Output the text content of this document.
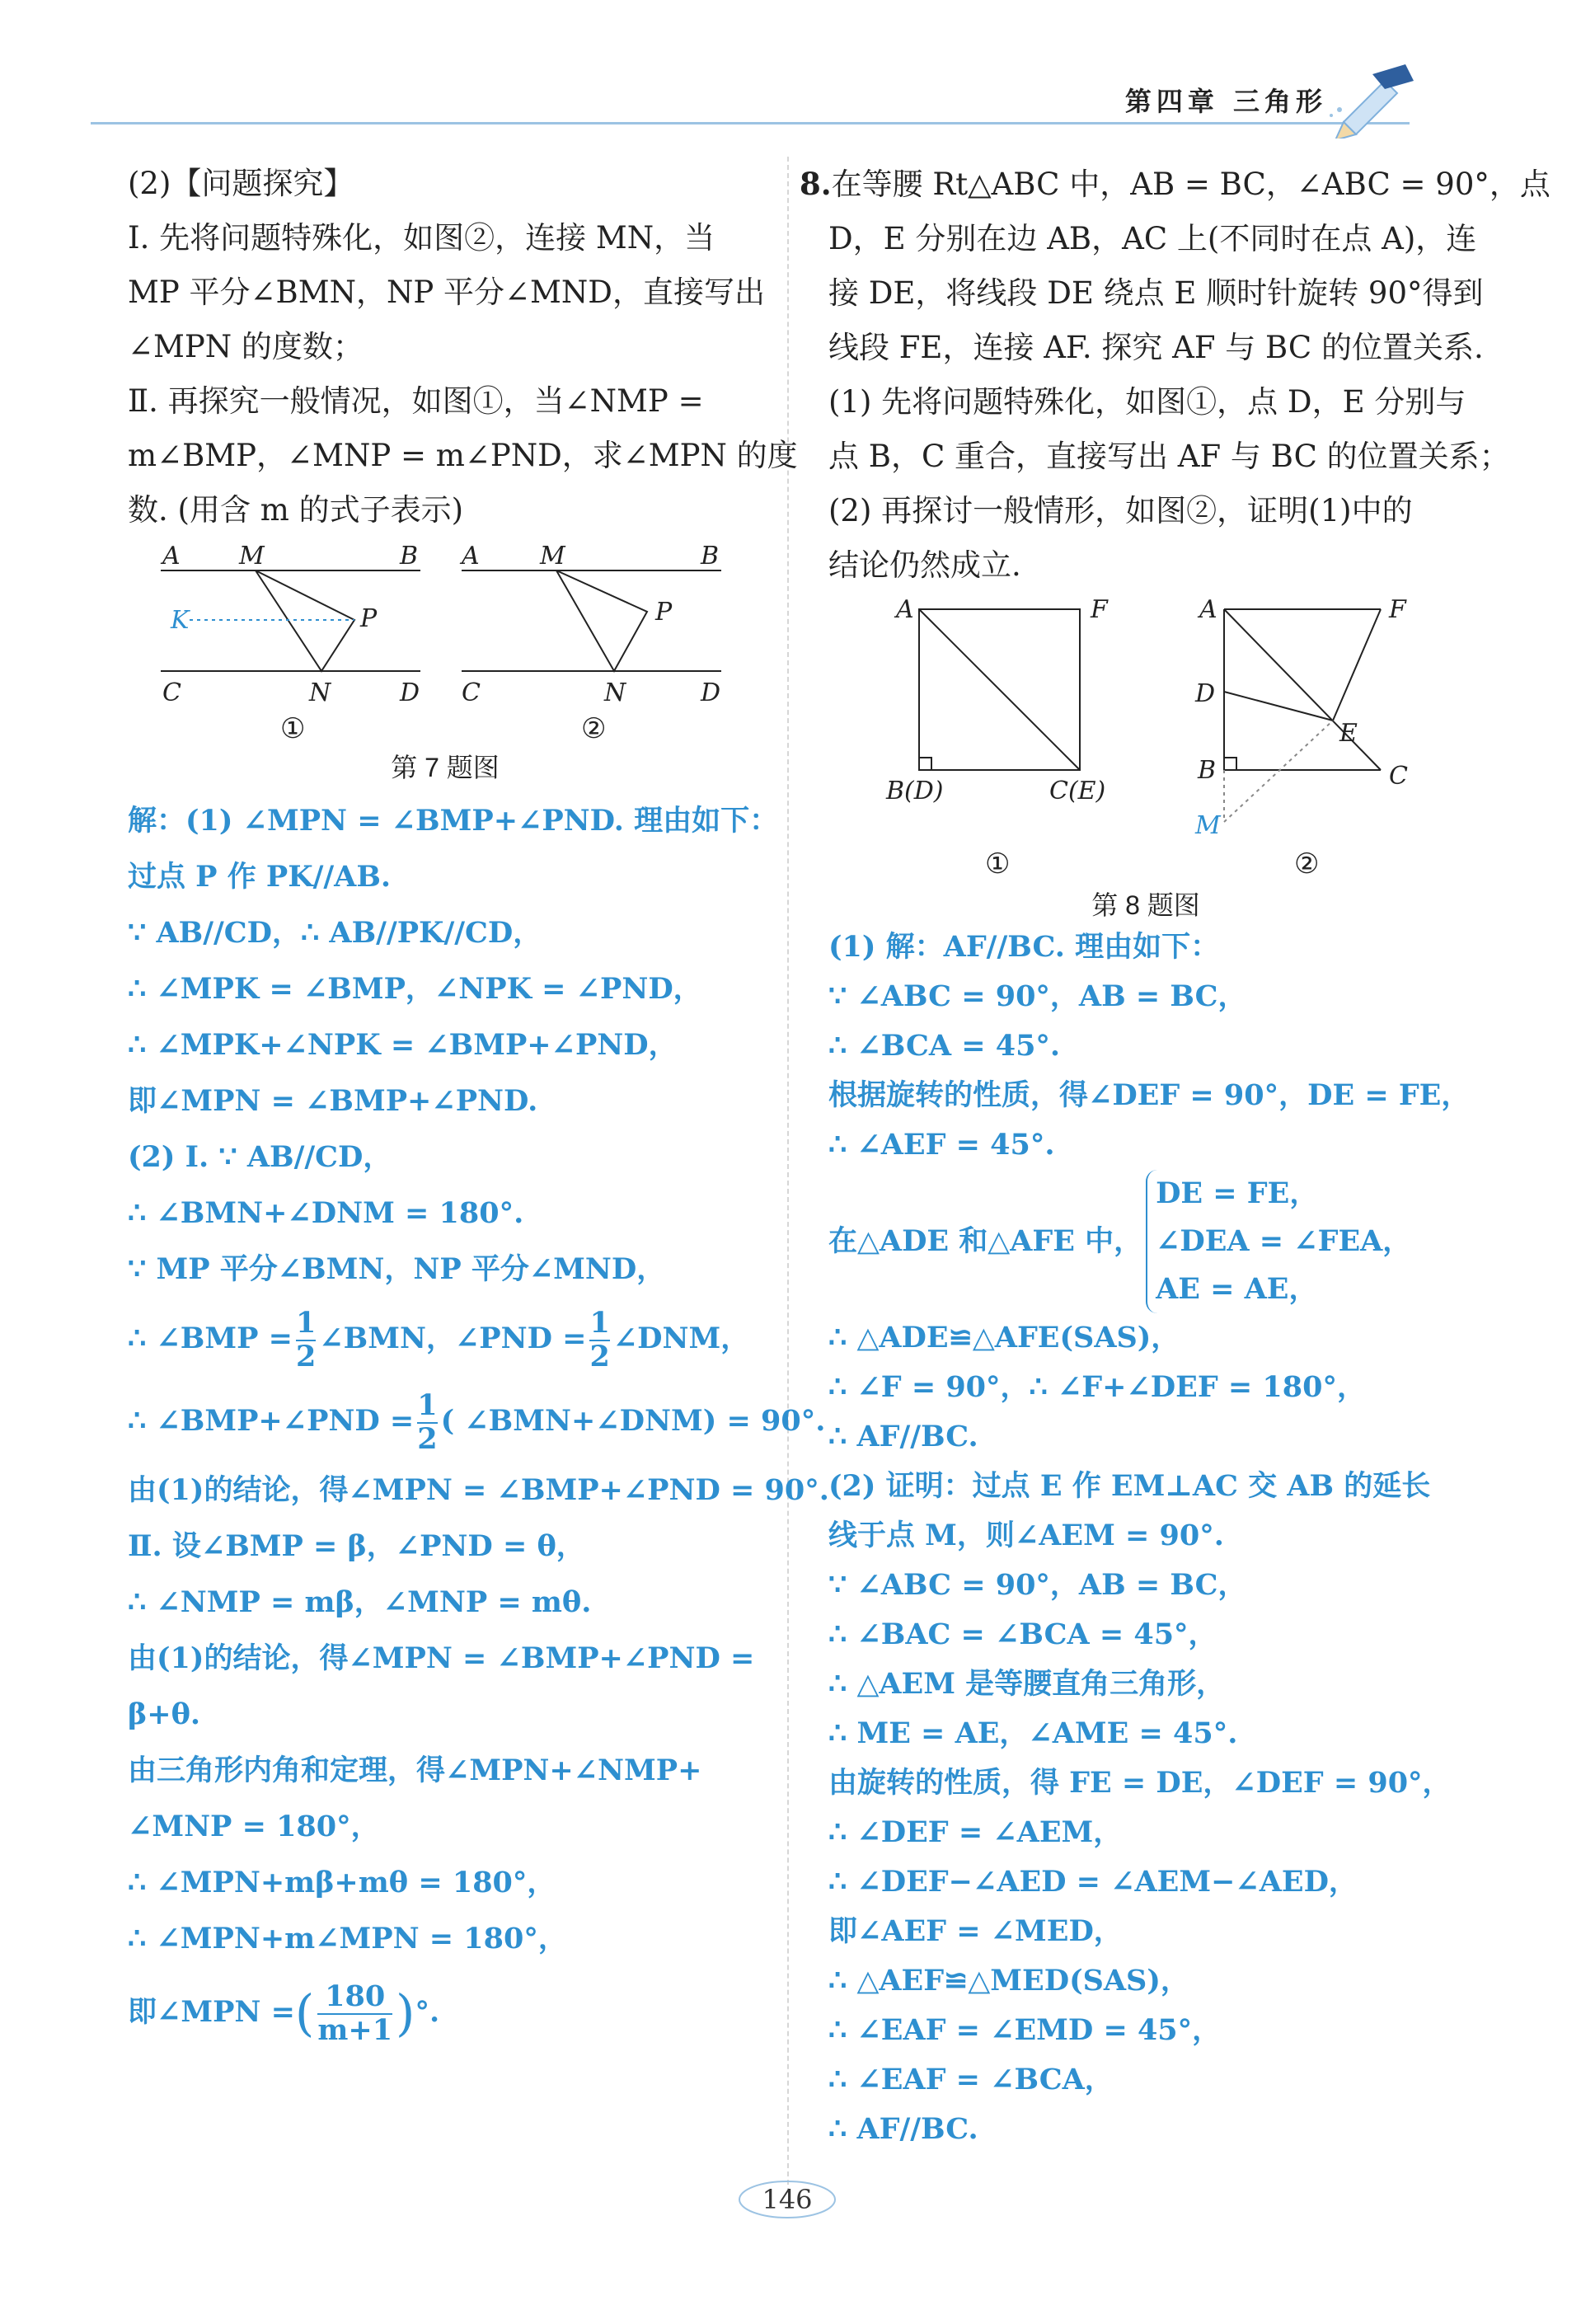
第四章 三角形

(2)【问题探究】

Ⅰ. 先将问题特殊化，如图②，连接 MN，当

MP 平分∠BMN，NP 平分∠MND，直接写出

∠MPN 的度数；

Ⅱ. 再探究一般情况，如图①，当∠NMP =

m∠BMP，∠MNP = m∠PND，求∠MPN 的度

数. (用含 m 的式子表示)

A M	B
K	P
C	N	D
A M	B
P
C	N	D
①	②
第 7 题图

解：(1) ∠MPN = ∠BMP+∠PND. 理由如下：

过点 P 作 PK//AB.

∵ AB//CD，∴ AB//PK//CD，

∴ ∠MPK = ∠BMP，∠NPK = ∠PND，

∴ ∠MPK+∠NPK = ∠BMP+∠PND，

即∠MPN = ∠BMP+∠PND.

(2) Ⅰ. ∵ AB//CD，

∴ ∠BMN+∠DNM = 180°.

∵ MP 平分∠BMN，NP 平分∠MND，

∴ ∠BMP = $\frac{1}{2}$ ∠BMN，∠PND = $\frac{1}{2}$ ∠DNM，

∴ ∠BMP+∠PND = $\frac{1}{2}$ ( ∠BMN+∠DNM) = 90°.

由(1)的结论，得∠MPN = ∠BMP+∠PND = 90°.

Ⅱ. 设∠BMP = β，∠PND = θ，

∴ ∠NMP = mβ，∠MNP = mθ.

由(1)的结论，得∠MPN = ∠BMP+∠PND =

β+θ.

由三角形内角和定理，得∠MPN+∠NMP+

∠MNP = 180°，

∴ ∠MPN+mβ+mθ = 180°，

∴ ∠MPN+m∠MPN = 180°，

即∠MPN =( $\frac{180}{m+1}$ )°.

8.在等腰 Rt△ABC 中，AB = BC，∠ABC = 90°，点

D，E 分别在边 AB，AC 上(不同时在点 A)，连

接 DE，将线段 DE 绕点 E 顺时针旋转 90°得到

线段 FE，连接 AF. 探究 AF 与 BC 的位置关系.

(1) 先将问题特殊化，如图①，点 D，E 分别与

点 B，C 重合，直接写出 AF 与 BC 的位置关系；

(2) 再探讨一般情形，如图②，证明(1)中的

结论仍然成立.

A	F
B(D)	C(E)
A	F
D
E
B	C
M
①	②
第 8 题图

(1) 解：AF//BC. 理由如下：

∵ ∠ABC = 90°，AB = BC，

∴ ∠BCA = 45°.

根据旋转的性质，得∠DEF = 90°，DE = FE，

∴ ∠AEF = 45°.

在△ADE 和△AFE 中，
DE = FE，
∠DEA = ∠FEA，
AE = AE，

∴ △ADE≌△AFE(SAS)，

∴ ∠F = 90°，∴ ∠F+∠DEF = 180°，

∴ AF//BC.

(2) 证明：过点 E 作 EM⊥AC 交 AB 的延长

线于点 M，则∠AEM = 90°.

∵ ∠ABC = 90°，AB = BC，

∴ ∠BAC = ∠BCA = 45°，

∴ △AEM 是等腰直角三角形，

∴ ME = AE，∠AME = 45°.

由旋转的性质，得 FE = DE，∠DEF = 90°，

∴ ∠DEF = ∠AEM，

∴ ∠DEF−∠AED = ∠AEM−∠AED，

即∠AEF = ∠MED，

∴ △AEF≌△MED(SAS)，

∴ ∠EAF = ∠EMD = 45°，

∴ ∠EAF = ∠BCA，

∴ AF//BC.

146
